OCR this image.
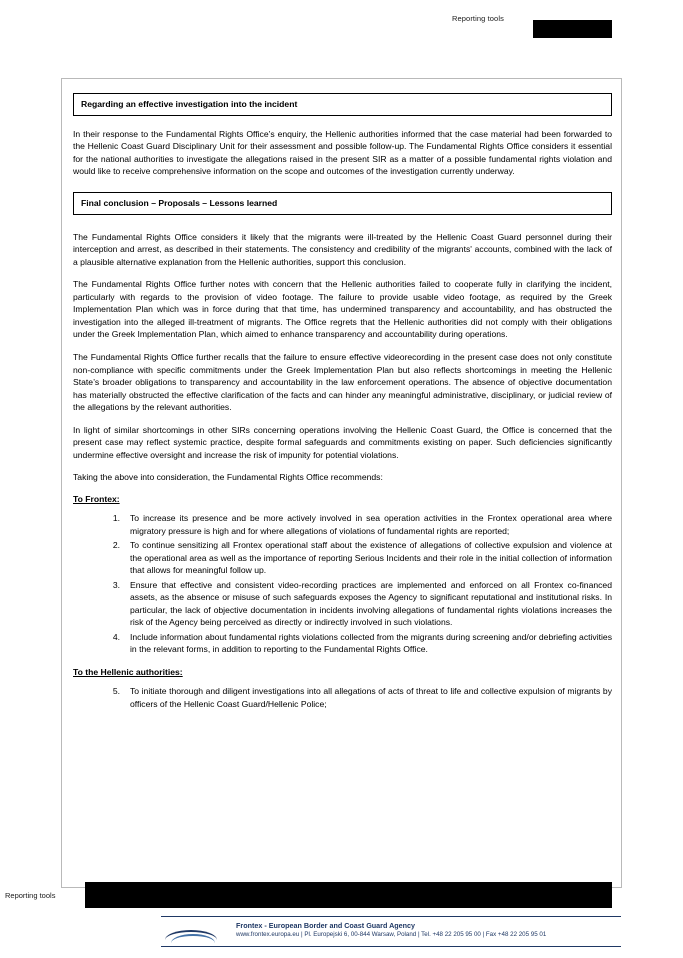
Reporting tools
Regarding an effective investigation into the incident

In their response to the Fundamental Rights Office’s enquiry, the Hellenic authorities informed that the case material had been forwarded to the Hellenic Coast Guard Disciplinary Unit for their assessment and possible follow-up. The Fundamental Rights Office considers it essential for the national authorities to investigate the allegations raised in the present SIR as a matter of a possible fundamental rights violation and would like to receive comprehensive information on the scope and outcomes of the investigation currently underway.

Final conclusion – Proposals – Lessons learned

The Fundamental Rights Office considers it likely that the migrants were ill-treated by the Hellenic Coast Guard personnel during their interception and arrest, as described in their statements. The consistency and credibility of the migrants' accounts, combined with the lack of a plausible alternative explanation from the Hellenic authorities, support this conclusion.

The Fundamental Rights Office further notes with concern that the Hellenic authorities failed to cooperate fully in clarifying the incident, particularly with regards to the provision of video footage. The failure to provide usable video footage, as required by the Greek Implementation Plan which was in force during that that time, has undermined transparency and accountability, and has obstructed the investigation into the alleged ill-treatment of migrants. The Office regrets that the Hellenic authorities did not comply with their obligations under the Greek Implementation Plan, which aimed to enhance transparency and accountability during operations.

The Fundamental Rights Office further recalls that the failure to ensure effective videorecording in the present case does not only constitute non-compliance with specific commitments under the Greek Implementation Plan but also reflects shortcomings in meeting the Hellenic State’s broader obligations to transparency and accountability in the law enforcement operations. The absence of objective documentation has materially obstructed the effective clarification of the facts and can hinder any meaningful administrative, disciplinary, or judicial review of the allegations by the relevant authorities.

In light of similar shortcomings in other SIRs concerning operations involving the Hellenic Coast Guard, the Office is concerned that the present case may reflect systemic practice, despite formal safeguards and commitments existing on paper. Such deficiencies significantly undermine effective oversight and increase the risk of impunity for potential violations.

Taking the above into consideration, the Fundamental Rights Office recommends:

To Frontex:

1. To increase its presence and be more actively involved in sea operation activities in the Frontex operational area where migratory pressure is high and for where allegations of violations of fundamental rights are reported;
2. To continue sensitizing all Frontex operational staff about the existence of allegations of collective expulsion and violence at the operational area as well as the importance of reporting Serious Incidents and their role in the initial collection of information that allows for meaningful follow up.
3. Ensure that effective and consistent video-recording practices are implemented and enforced on all Frontex co-financed assets, as the absence or misuse of such safeguards exposes the Agency to significant reputational and institutional risks. In particular, the lack of objective documentation in incidents involving allegations of fundamental rights violations increases the risk of the Agency being perceived as directly or indirectly involved in such violations.
4. Include information about fundamental rights violations collected from the migrants during screening and/or debriefing activities in the relevant forms, in addition to reporting to the Fundamental Rights Office.

To the Hellenic authorities:

5. To initiate thorough and diligent investigations into all allegations of acts of threat to life and collective expulsion of migrants by officers of the Hellenic Coast Guard/Hellenic Police;
Reporting tools
Frontex - European Border and Coast Guard Agency
www.frontex.europa.eu | Pl. Europejski 6, 00-844 Warsaw, Poland | Tel. +48 22 205 95 00 | Fax +48 22 205 95 01
